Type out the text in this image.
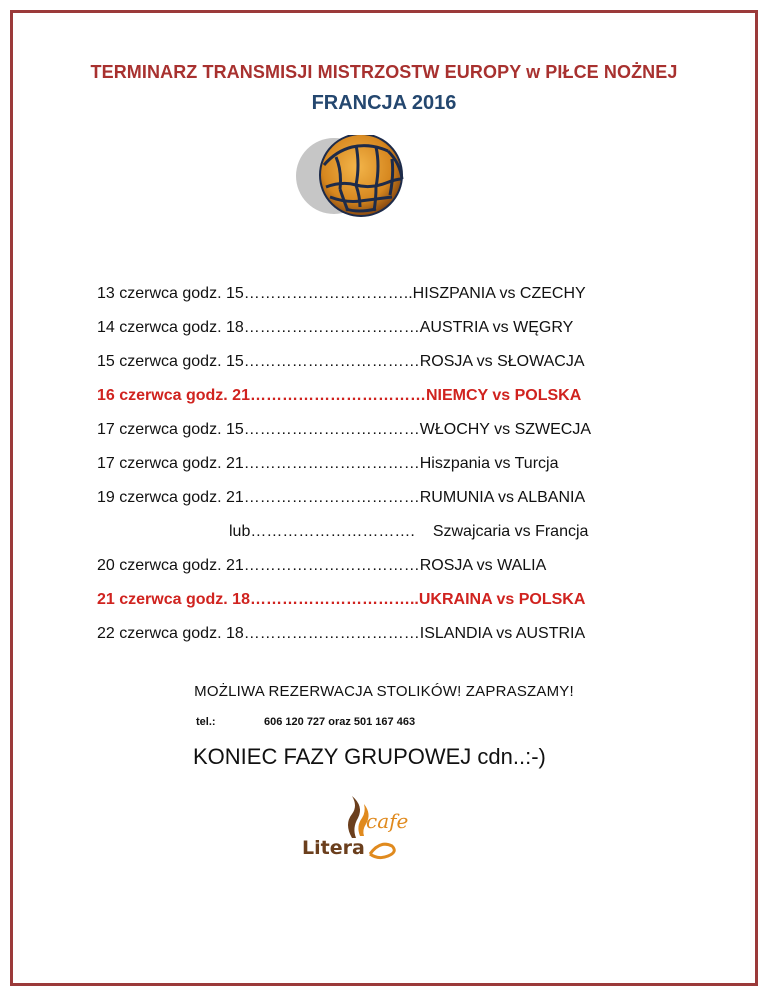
TERMINARZ TRANSMISJI MISTRZOSTW EUROPY w PIŁCE NOŻNEJ
FRANCJA 2016
13 czerwca godz. 15…………………………..HISZPANIA vs CZECHY
14 czerwca godz. 18……………………………AUSTRIA vs WĘGRY
15 czerwca godz. 15……………………………ROSJA vs SŁOWACJA
16 czerwca godz. 21……………………………NIEMCY vs POLSKA
17 czerwca godz. 15……………………………WŁOCHY vs SZWECJA
17 czerwca godz. 21……………………………Hiszpania vs Turcja
19 czerwca godz. 21……………………………RUMUNIA vs ALBANIA
lub…………………………. Szwajcaria vs Francja
20 czerwca godz. 21……………………………ROSJA vs WALIA
21 czerwca godz. 18…………………………..UKRAINA vs POLSKA
22 czerwca godz. 18……………………………ISLANDIA vs AUSTRIA
MOŻLIWA REZERWACJA STOLIKÓW! ZAPRASZAMY!
tel.:	606 120 727 oraz 501 167 463
KONIEC FAZY GRUPOWEJ cdn..:-)
cafe
Litera
